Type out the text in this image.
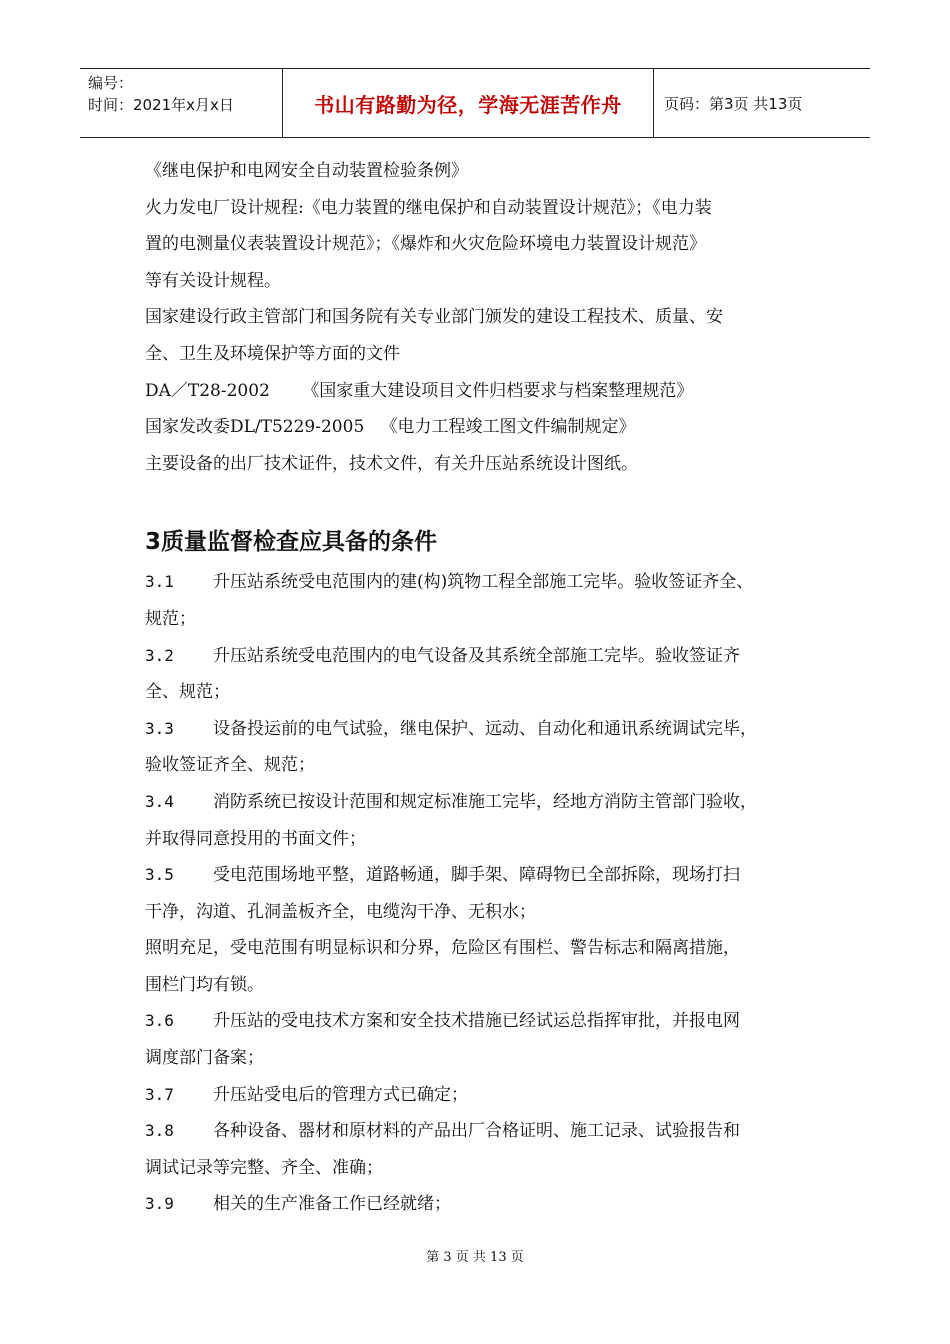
编号：
时间：2021年x月x日	书山有路勤为径，学海无涯苦作舟	页码：第3页 共13页
《继电保护和电网安全自动装置检验条例》
火力发电厂设计规程:《电力装置的继电保护和自动装置设计规范》；《电力装
置的电测量仪表装置设计规范》；《爆炸和火灾危险环境电力装置设计规范》
等有关设计规程。
国家建设行政主管部门和国务院有关专业部门颁发的建设工程技术、质量、安
全、卫生及环境保护等方面的文件
DA／T28-2002      《国家重大建设项目文件归档要求与档案整理规范》
国家发改委DL/T5229-2005   《电力工程竣工图文件编制规定》
主要设备的出厂技术证件，技术文件，有关升压站系统设计图纸。
3质量监督检查应具备的条件
3.1 升压站系统受电范围内的建(构)筑物工程全部施工完毕。验收签证齐全、
规范；
3.2 升压站系统受电范围内的电气设备及其系统全部施工完毕。验收签证齐
全、规范；
3.3 设备投运前的电气试验，继电保护、远动、自动化和通讯系统调试完毕，
验收签证齐全、规范；
3.4 消防系统已按设计范围和规定标准施工完毕，经地方消防主管部门验收，
并取得同意投用的书面文件；
3.5 受电范围场地平整，道路畅通，脚手架、障碍物已全部拆除，现场打扫
干净，沟道、孔洞盖板齐全，电缆沟干净、无积水；
照明充足，受电范围有明显标识和分界，危险区有围栏、警告标志和隔离措施，
围栏门均有锁。
3.6 升压站的受电技术方案和安全技术措施已经试运总指挥审批，并报电网
调度部门备案；
3.7 升压站受电后的管理方式已确定；
3.8 各种设备、器材和原材料的产品出厂合格证明、施工记录、试验报告和
调试记录等完整、齐全、准确；
3.9 相关的生产准备工作已经就绪；
第 3 页 共 13 页
